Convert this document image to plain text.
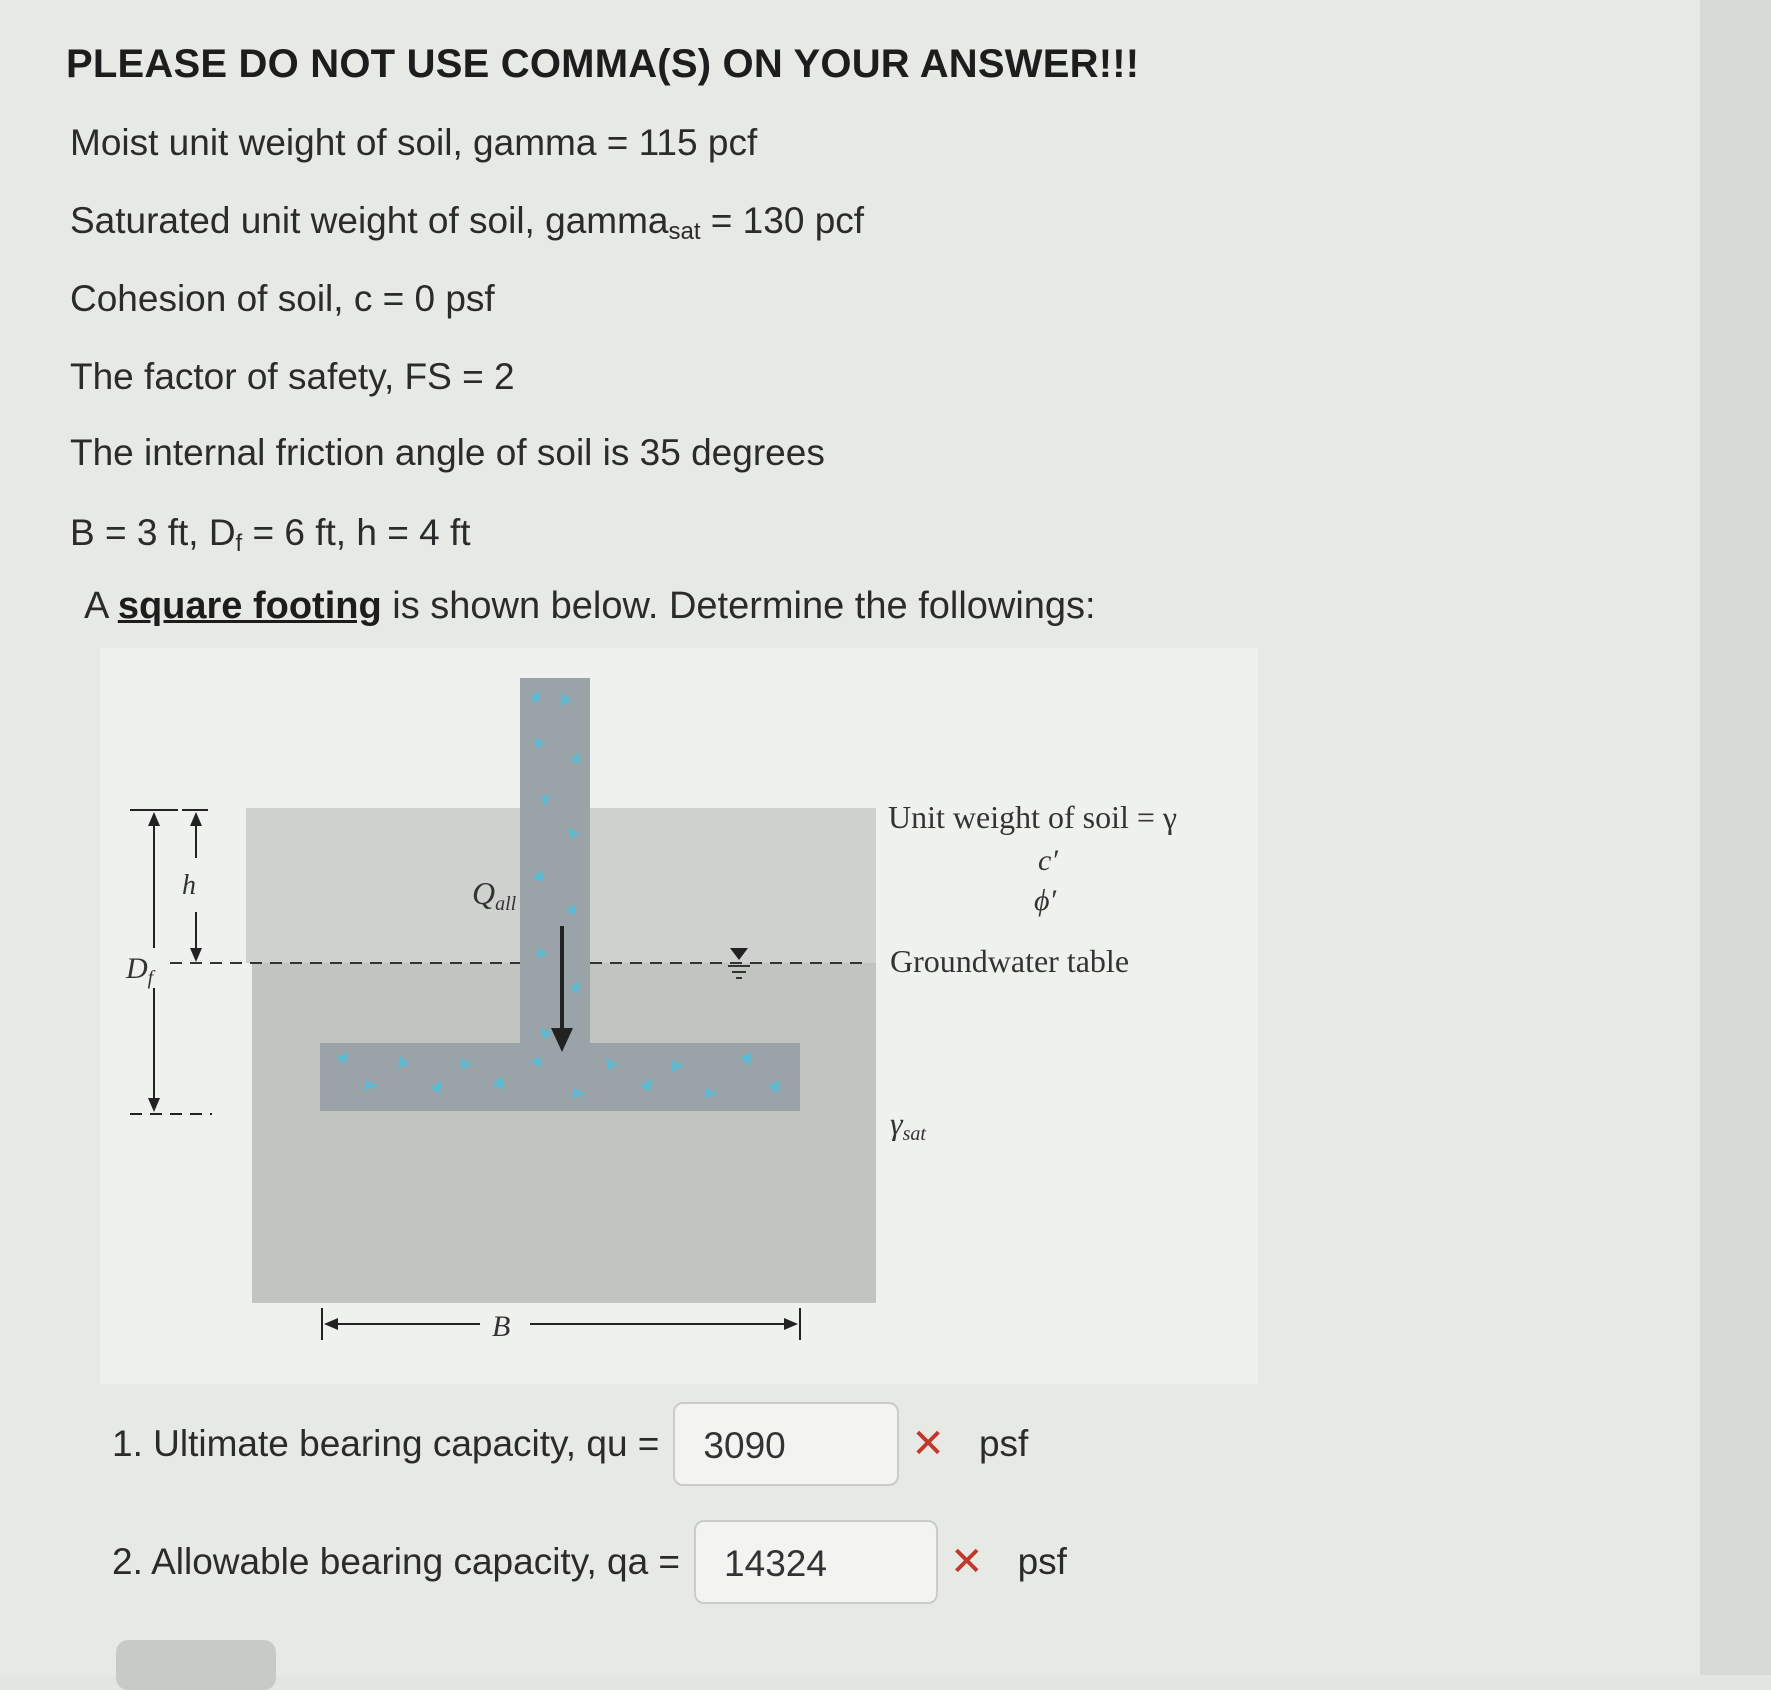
PLEASE DO NOT USE COMMA(S) ON YOUR ANSWER!!!
Moist unit weight of soil, gamma = 115 pcf
Saturated unit weight of soil, gamma$_{sat}$ = 130 pcf
Cohesion of soil, c = 0 psf
The factor of safety, FS = 2
The internal friction angle of soil is 35 degrees
B = 3 ft, $D_f = 6$ ft, h = 4 ft
A square footing is shown below. Determine the followings:
Unit weight of soil = γ
c′
ϕ′
Groundwater table
γsat
Qall
h
$D_f$
B
1. Ultimate bearing capacity, qu =	3090	✕ psf
2. Allowable bearing capacity, qa =	14324	✕ psf
